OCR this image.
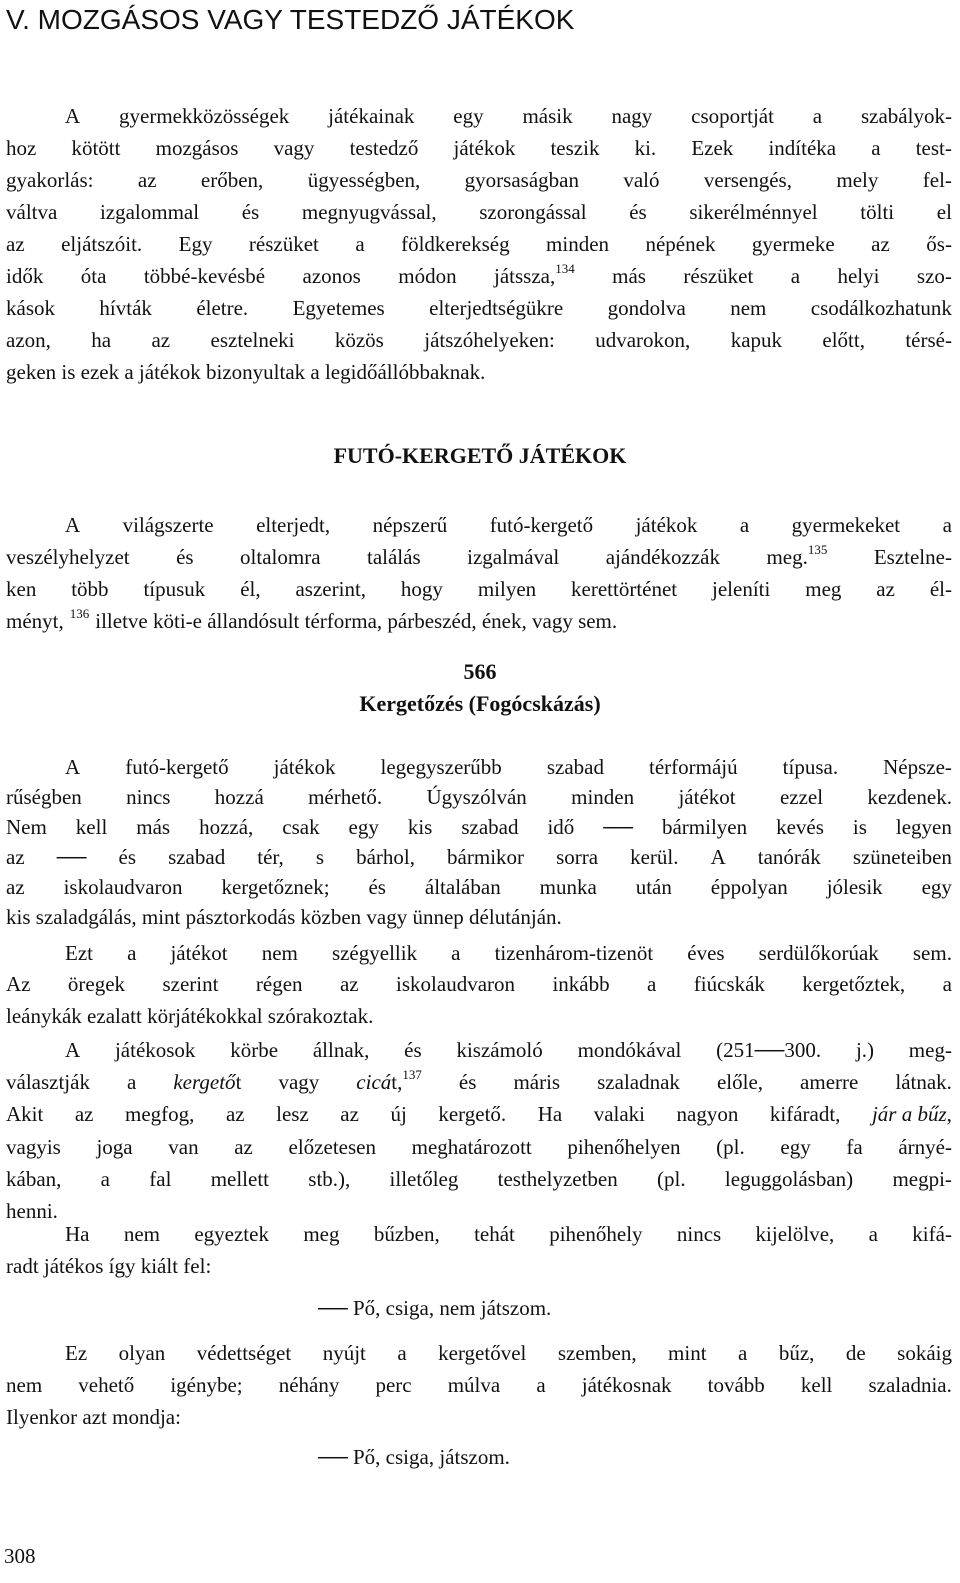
V. MOZGÁSOS VAGY TESTEDZŐ JÁTÉKOK
A gyermekközösségek játékainak egy másik nagy csoportját a szabályok-
hoz kötött mozgásos vagy testedző játékok teszik ki. Ezek indítéka a test-
gyakorlás: az erőben, ügyességben, gyorsaságban való versengés, mely fel-
váltva izgalommal és megnyugvással, szorongással és sikerélménnyel tölti el
az eljátszóit. Egy részüket a földkerekség minden népének gyermeke az ős-
idők óta többé-kevésbé azonos módon játssza,$^{134}$ más részüket a helyi szo-
kások hívták életre. Egyetemes elterjedtségükre gondolva nem csodálkozhatunk
azon, ha az esztelneki közös játszóhelyeken: udvarokon, kapuk előtt, térsé-
geken is ezek a játékok bizonyultak a legidőállóbbaknak.
FUTÓ-KERGETŐ JÁTÉKOK
A világszerte elterjedt, népszerű futó-kergető játékok a gyermekeket a
veszélyhelyzet és oltalomra találás izgalmával ajándékozzák meg.$^{135}$ Esztelne-
ken több típusuk él, aszerint, hogy milyen kerettörténet jeleníti meg az él-
ményt, $^{136}$ illetve köti-e állandósult térforma, párbeszéd, ének, vagy sem.
566
Kergetőzés (Fogócskázás)
A futó-kergető játékok legegyszerűbb szabad térformájú típusa. Népsze-
rűségben nincs hozzá mérhető. Úgyszólván minden játékot ezzel kezdenek.
Nem kell más hozzá, csak egy kis szabad idő ── bármilyen kevés is legyen
az ── és szabad tér, s bárhol, bármikor sorra kerül. A tanórák szüneteiben
az iskolaudvaron kergetőznek; és általában munka után éppolyan jólesik egy
kis szaladgálás, mint pásztorkodás közben vagy ünnep délutánján.
Ezt a játékot nem szégyellik a tizenhárom-tizenöt éves serdülőkorúak sem.
Az öregek szerint régen az iskolaudvaron inkább a fiúcskák kergetőztek, a
leánykák ezalatt körjátékokkal szórakoztak.
A játékosok körbe állnak, és kiszámoló mondókával (251──300. j.) meg-
választják a kergetőt vagy cicát,$^{137}$ és máris szaladnak előle, amerre látnak.
Akit az megfog, az lesz az új kergető. Ha valaki nagyon kifáradt, jár a bűz,
vagyis joga van az előzetesen meghatározott pihenőhelyen (pl. egy fa árnyé-
kában, a fal mellett stb.), illetőleg testhelyzetben (pl. leguggolásban) megpi-
henni.
Ha nem egyeztek meg bűzben, tehát pihenőhely nincs kijelölve, a kifá-
radt játékos így kiált fel:
── Pő, csiga, nem játszom.
Ez olyan védettséget nyújt a kergetővel szemben, mint a bűz, de sokáig
nem vehető igénybe; néhány perc múlva a játékosnak tovább kell szaladnia.
Ilyenkor azt mondja:
── Pő, csiga, játszom.
308
